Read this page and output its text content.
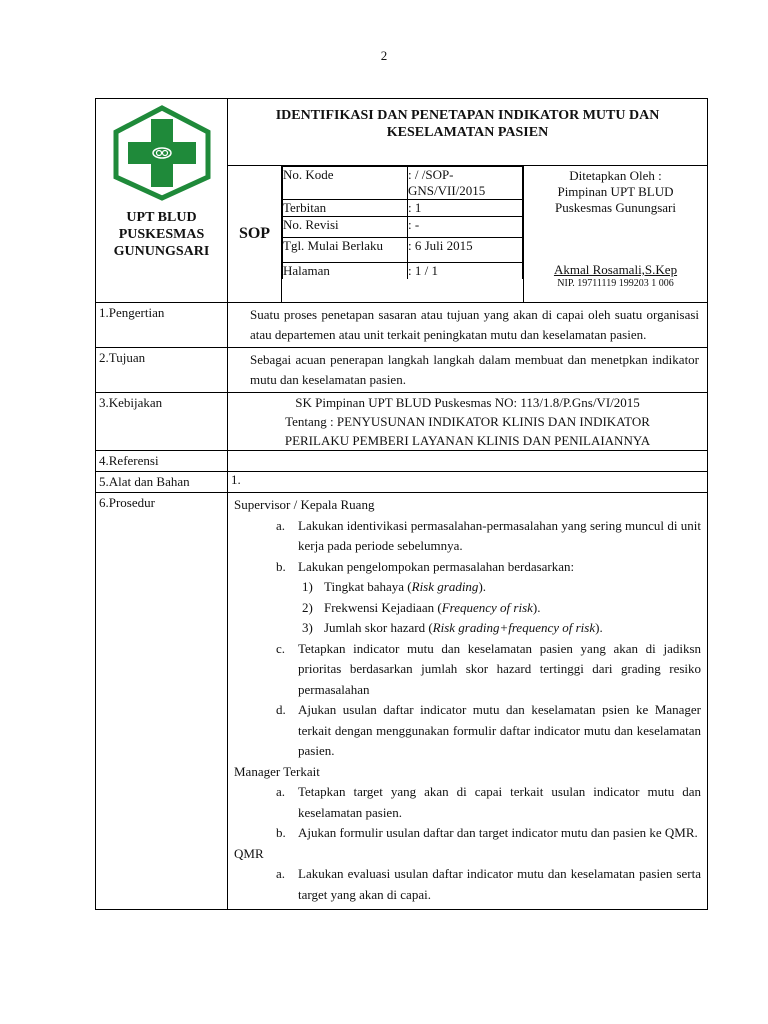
2
UPT BLUD
PUSKESMAS
GUNUNGSARI
	IDENTIFIKASI DAN PENETAPAN INDIKATOR MUTU DAN KESELAMATAN PASIEN
SOP	
No. Kode	: / /SOP-GNS/VII/2015
Terbitan	: 1
No. Revisi	: -
Tgl. Mulai Berlaku	: 6 Juli 2015
Halaman	: 1 / 1

Ditetapkan Oleh :
Pimpinan UPT BLUD Puskesmas Gunungsari
Akmal Rosamali,S.Kep
NIP. 19711119 199203 1 006

1.Pengertian	Suatu proses penetapan sasaran atau tujuan yang akan di capai oleh suatu organisasi atau departemen atau unit terkait peningkatan mutu dan keselamatan pasien.
2.Tujuan	Sebagai acuan penerapan langkah langkah dalam membuat dan menetpkan indikator mutu dan keselamatan pasien.
3.Kebijakan	SK Pimpinan UPT BLUD Puskesmas NO: 113/1.8/P.Gns/VI/2015
Tentang : PENYUSUNAN INDIKATOR KLINIS DAN INDIKATOR
PERILAKU PEMBERI LAYANAN KLINIS DAN PENILAIANNYA

4.Referensi	
5.Alat dan Bahan	1.
6.Prosedur	Supervisor / Kepala Ruang
a. Lakukan identivikasi permasalahan-permasalahan yang sering muncul di unit kerja pada periode sebelumnya.
b. Lakukan pengelompokan permasalahan berdasarkan:
1) Tingkat bahaya (Risk grading).
2) Frekwensi Kejadiaan (Frequency of risk).
3) Jumlah skor hazard (Risk grading+frequency of risk).
c. Tetapkan indicator mutu dan keselamatan pasien yang akan di jadiksn prioritas berdasarkan jumlah skor hazard tertinggi dari grading resiko permasalahan
d. Ajukan usulan daftar indicator mutu dan keselamatan psien ke Manager terkait dengan menggunakan formulir daftar indicator mutu dan keselamatan pasien.
Manager Terkait
a. Tetapkan target yang akan di capai terkait usulan indicator mutu dan keselamatan pasien.
b. Ajukan formulir usulan daftar dan target indicator mutu dan pasien ke QMR.
QMR
a. Lakukan evaluasi usulan daftar indicator mutu dan keselamatan pasien serta target yang akan di capai.
